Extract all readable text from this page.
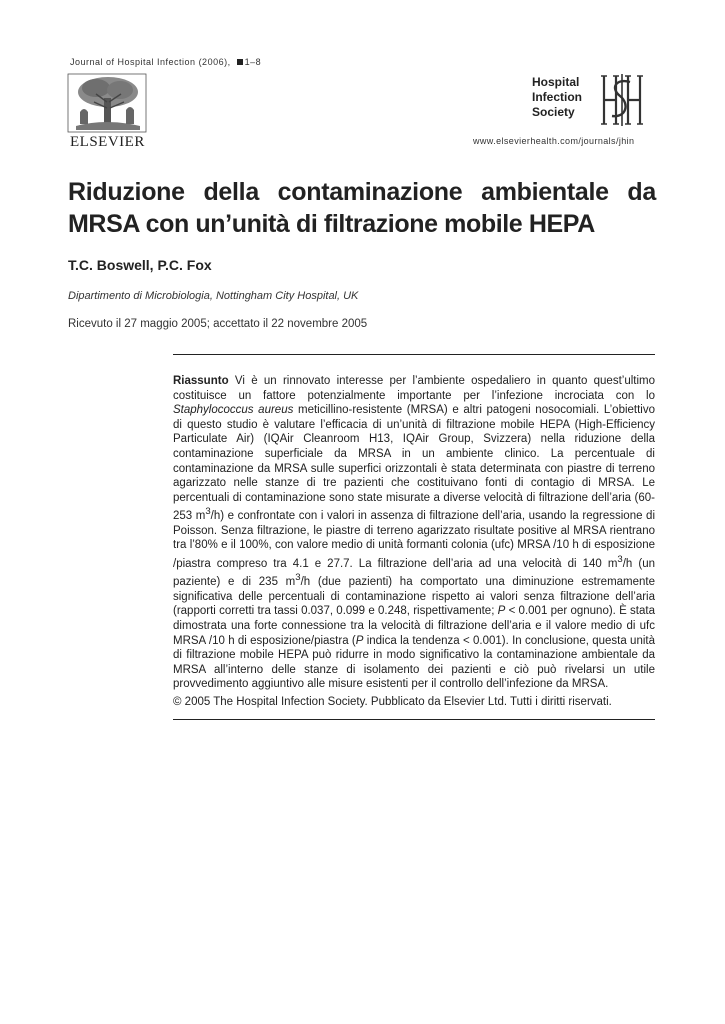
Journal of Hospital Infection (2006), 1–8
ELSEVIER
Hospital
Infection
Society
www.elsevierhealth.com/journals/jhin
Riduzione della contaminazione ambientale da
MRSA con un’unità di filtrazione mobile HEPA
T.C. Boswell, P.C. Fox
Dipartimento di Microbiologia, Nottingham City Hospital, UK
Ricevuto il 27 maggio 2005; accettato il 22 novembre 2005

Riassunto Vi è un rinnovato interesse per l’ambiente ospedaliero in quanto quest’ultimo costituisce un fattore potenzialmente importante per l’infezione incrociata con lo Staphylococcus aureus meticillino-resistente (MRSA) e altri patogeni nosocomiali. L’obiettivo di questo studio è valutare l’efficacia di un’unità di filtrazione mobile HEPA (High-Efficiency Particulate Air) (IQAir Cleanroom H13, IQAir Group, Svizzera) nella riduzione della contaminazione superficiale da MRSA in un ambiente clinico. La percentuale di contaminazione da MRSA sulle superfici orizzontali è stata determinata con piastre di terreno agarizzato nelle stanze di tre pazienti che costituivano fonti di contagio di MRSA. Le percentuali di contaminazione sono state misurate a diverse velocità di filtrazione dell’aria (60-253 $m^3/h$) e confrontate con i valori in assenza di filtrazione dell’aria, usando la regressione di Poisson. Senza filtrazione, le piastre di terreno agarizzato risultate positive al MRSA rientrano tra l’80% e il 100%, con valore medio di unità formanti colonia (ufc) MRSA /10 h di esposizione /piastra compreso tra 4.1 e 27.7. La filtrazione dell’aria ad una velocità di 140 $m^3/h$ (un paziente) e di 235 $m^3/h$ (due pazienti) ha comportato una diminuzione estremamente significativa delle percentuali di contaminazione rispetto ai valori senza filtrazione dell’aria (rapporti corretti tra tassi 0.037, 0.099 e 0.248, rispettivamente; P < 0.001 per ognuno). È stata dimostrata una forte connessione tra la velocità di filtrazione dell’aria e il valore medio di ufc MRSA /10 h di esposizione/piastra (P indica la tendenza < 0.001). In conclusione, questa unità di filtrazione mobile HEPA può ridurre in modo significativo la contaminazione ambientale da MRSA all’interno delle stanze di isolamento dei pazienti e ciò può rivelarsi un utile provvedimento aggiuntivo alle misure esistenti per il controllo dell’infezione da MRSA.

© 2005 The Hospital Infection Society. Pubblicato da Elsevier Ltd. Tutti i diritti riservati.
